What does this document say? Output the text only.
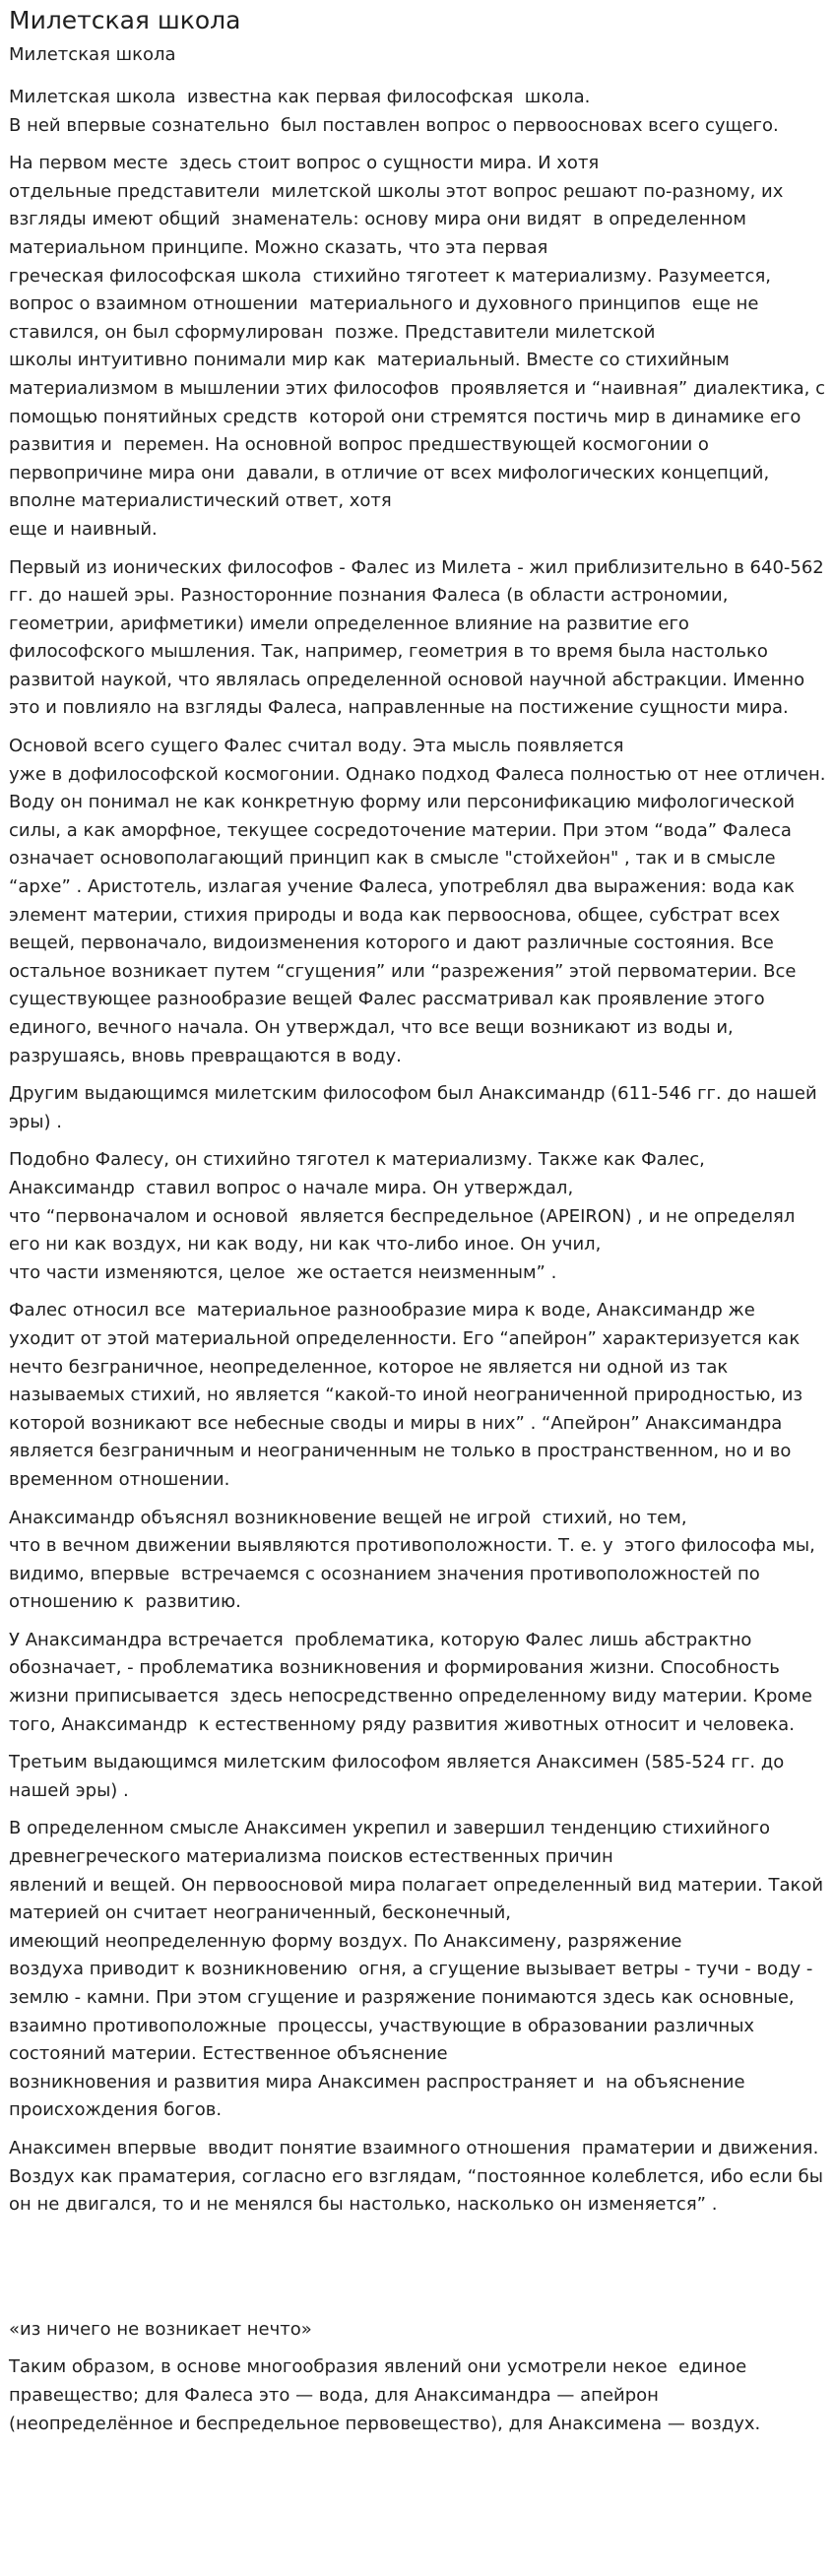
Милетская школа
Милетская школа

Милетская школа  известна как первая философская  школа.
В ней впервые сознательно  был поставлен вопрос о первоосновах всего сущего.

На первом месте  здесь стоит вопрос о сущности мира. И хотя
отдельные представители  милетской школы этот вопрос решают по-разному, их взгляды имеют общий  знаменатель: основу мира они видят  в определенном материальном принципе. Можно сказать, что эта первая
греческая философская школа  стихийно тяготеет к материализму. Разумеется, вопрос о взаимном отношении  материального и духовного принципов  еще не ставился, он был сформулирован  позже. Представители милетской
школы интуитивно понимали мир как  материальный. Вместе со стихийным материализмом в мышлении этих философов  проявляется и “наивная” диалектика, с помощью понятийных средств  которой они стремятся постичь мир в динамике его развития и  перемен. На основной вопрос предшествующей космогонии о первопричине мира они  давали, в отличие от всех мифологических концепций, вполне материалистический ответ, хотя
еще и наивный.

Первый из ионических философов - Фалес из Милета - жил приблизительно в 640-562 гг. до нашей эры. Разносторонние познания Фалеса (в области астрономии, геометрии, арифметики) имели определенное влияние на развитие его философского мышления. Так, например, геометрия в то время была настолько развитой наукой, что являлась определенной основой научной абстракции. Именно это и повлияло на взгляды Фалеса, направленные на постижение сущности мира.

Основой всего сущего Фалес считал воду. Эта мысль появляется
уже в дофилософской космогонии. Однако подход Фалеса полностью от нее отличен. Воду он понимал не как конкретную форму или персонификацию мифологической силы, а как аморфное, текущее сосредоточение материи. При этом “вода” Фалеса означает основополагающий принцип как в смысле "стойхейон" , так и в смысле “архе” . Аристотель, излагая учение Фалеса, употреблял два выражения: вода как элемент материи, стихия природы и вода как первооснова, общее, субстрат всех вещей, первоначало, видоизменения которого и дают различные состояния. Все остальное возникает путем “сгущения” или “разрежения” этой первоматерии. Все существующее разнообразие вещей Фалес рассматривал как проявление этого единого, вечного начала. Он утверждал, что все вещи возникают из воды и, разрушаясь, вновь превращаются в воду.

Другим выдающимся милетским философом был Анаксимандр (611-546 гг. до нашей эры) .

Подобно Фалесу, он стихийно тяготел к материализму. Также как Фалес, Анаксимандр  ставил вопрос о начале мира. Он утверждал,
что “первоначалом и основой  является беспредельное (APEIRON) , и не определял его ни как воздух, ни как воду, ни как что-либо иное. Он учил,
что части изменяются, целое  же остается неизменным” .

Фалес относил все  материальное разнообразие мира к воде, Анаксимандр же уходит от этой материальной определенности. Его “апейрон” характеризуется как нечто безграничное, неопределенное, которое не является ни одной из так называемых стихий, но является “какой-то иной неограниченной природностью, из которой возникают все небесные своды и миры в них” . “Апейрон” Анаксимандра является безграничным и неограниченным не только в пространственном, но и во временном отношении.

Анаксимандр объяснял возникновение вещей не игрой  стихий, но тем,
что в вечном движении выявляются противоположности. Т. е. у  этого философа мы, видимо, впервые  встречаемся с осознанием значения противоположностей по отношению к  развитию.

У Анаксимандра встречается  проблематика, которую Фалес лишь абстрактно обозначает, - проблематика возникновения и формирования жизни. Способность жизни приписывается  здесь непосредственно определенному виду материи. Кроме того, Анаксимандр  к естественному ряду развития животных относит и человека.

Третьим выдающимся милетским философом является Анаксимен (585-524 гг. до нашей эры) .

В определенном смысле Анаксимен укрепил и завершил тенденцию стихийного древнегреческого материализма поисков естественных причин
явлений и вещей. Он первоосновой мира полагает определенный вид материи. Такой материей он считает неограниченный, бесконечный,
имеющий неопределенную форму воздух. По Анаксимену, разряжение
воздуха приводит к возникновению  огня, а сгущение вызывает ветры - тучи - воду - землю - камни. При этом сгущение и разряжение понимаются здесь как основные, взаимно противоположные  процессы, участвующие в образовании различных состояний материи. Естественное объяснение
возникновения и развития мира Анаксимен распространяет и  на объяснение происхождения богов.

Анаксимен впервые  вводит понятие взаимного отношения  праматерии и движения. Воздух как праматерия, согласно его взглядам, “постоянное колеблется, ибо если бы он не двигался, то и не менялся бы настолько, насколько он изменяется” .

«из ничего не возникает нечто»

Таким образом, в основе многообразия явлений они усмотрели некое  единое правещество; для Фалеса это — вода, для Анаксимандра — апейрон (неопределённое и беспредельное первовещество), для Анаксимена — воздух.
